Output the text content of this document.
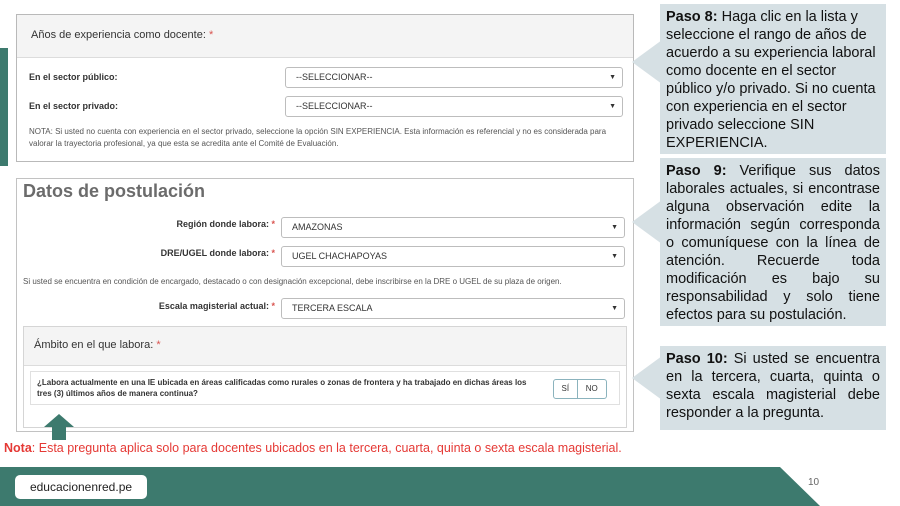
Años de experiencia como docente: *
En el sector público:	--SELECCIONAR--	▼
En el sector privado:	--SELECCIONAR--	▼
NOTA: Si usted no cuenta con experiencia en el sector privado, seleccione la opción SIN EXPERIENCIA. Esta información es referencial y no es considerada para valorar la trayectoria profesional, ya que esta se acredita ante el Comité de Evaluación.
Datos de postulación
Región donde labora: *	AMAZONAS	▼
DRE/UGEL donde labora: *	UGEL CHACHAPOYAS	▼
Si usted se encuentra en condición de encargado, destacado o con designación excepcional, debe inscribirse en la DRE o UGEL de su plaza de origen.
Escala magisterial actual: *	TERCERA ESCALA	▼
Ámbito en el que labora: *
¿Labora actualmente en una IE ubicada en áreas calificadas como rurales o zonas de frontera y ha trabajado en dichas áreas los tres (3) últimos años de manera continua?
SÍ	NO
Paso 8: Haga clic en la lista y seleccione el rango de años de acuerdo a su experiencia laboral como docente en el sector público y/o privado. Si no cuenta con experiencia en el sector privado seleccione SIN EXPERIENCIA.
Paso 9: Verifique sus datos laborales actuales, si encontrase alguna observación edite la información según corresponda o comuníquese con la línea de atención. Recuerde toda modificación es bajo su responsabilidad y solo tiene efectos para su postulación.
Paso 10: Si usted se encuentra en la tercera, cuarta, quinta o sexta escala magisterial debe responder a la pregunta.
Nota: Esta pregunta aplica solo para docentes ubicados en la tercera, cuarta, quinta o sexta escala magisterial.
educacionenred.pe	10
